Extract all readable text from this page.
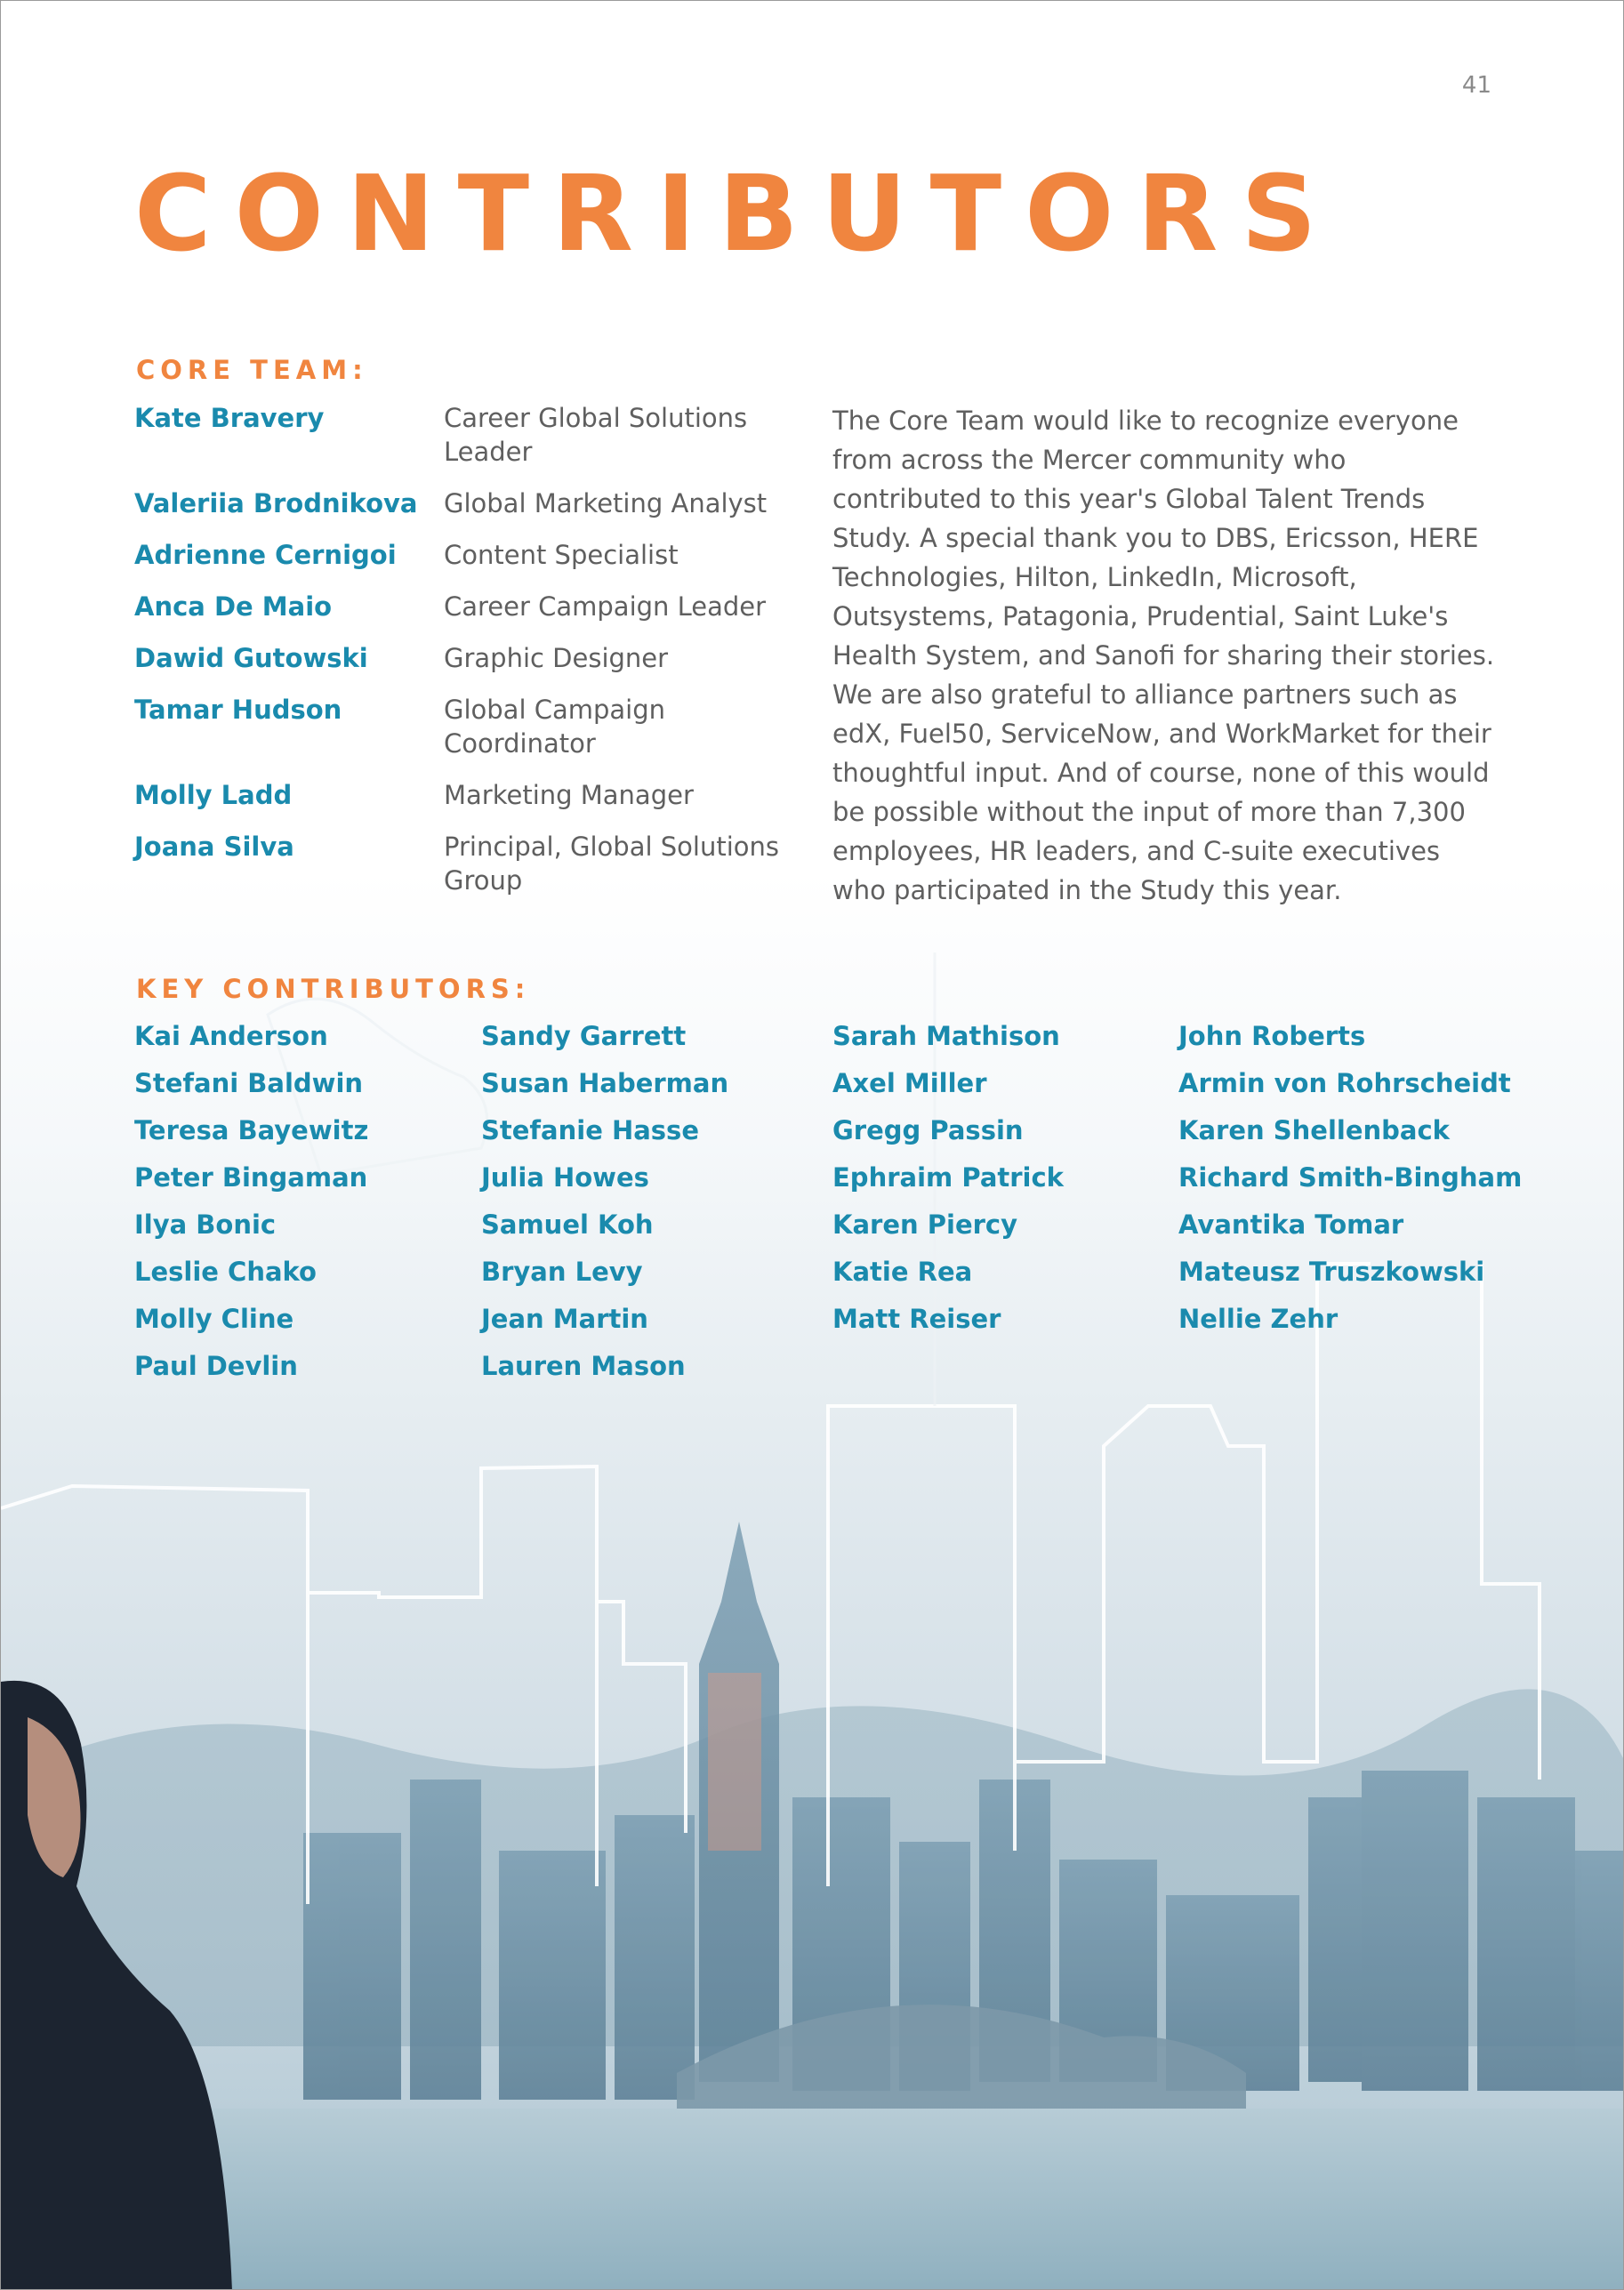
41
CONTRIBUTORS
CORE TEAM:
Kate Bravery	Career Global Solutions Leader
Valeriia Brodnikova	Global Marketing Analyst
Adrienne Cernigoi	Content Specialist
Anca De Maio	Career Campaign Leader
Dawid Gutowski	Graphic Designer
Tamar Hudson	Global Campaign Coordinator
Molly Ladd	Marketing Manager
Joana Silva	Principal, Global Solutions Group

The Core Team would like to recognize everyone from across the Mercer community who contributed to this year's Global Talent Trends Study. A special thank you to DBS, Ericsson, HERE Technologies, Hilton, LinkedIn, Microsoft, Outsystems, Patagonia, Prudential, Saint Luke's Health System, and Sanofi for sharing their stories. We are also grateful to alliance partners such as edX, Fuel50, ServiceNow, and WorkMarket for their thoughtful input. And of course, none of this would be possible without the input of more than 7,300 employees, HR leaders, and C-suite executives who participated in the Study this year.

KEY CONTRIBUTORS:
Kai Anderson
Stefani Baldwin
Teresa Bayewitz
Peter Bingaman
Ilya Bonic
Leslie Chako
Molly Cline
Paul Devlin
Sandy Garrett
Susan Haberman
Stefanie Hasse
Julia Howes
Samuel Koh
Bryan Levy
Jean Martin
Lauren Mason
Sarah Mathison
Axel Miller
Gregg Passin
Ephraim Patrick
Karen Piercy
Katie Rea
Matt Reiser
John Roberts
Armin von Rohrscheidt
Karen Shellenback
Richard Smith-Bingham
Avantika Tomar
Mateusz Truszkowski
Nellie Zehr
